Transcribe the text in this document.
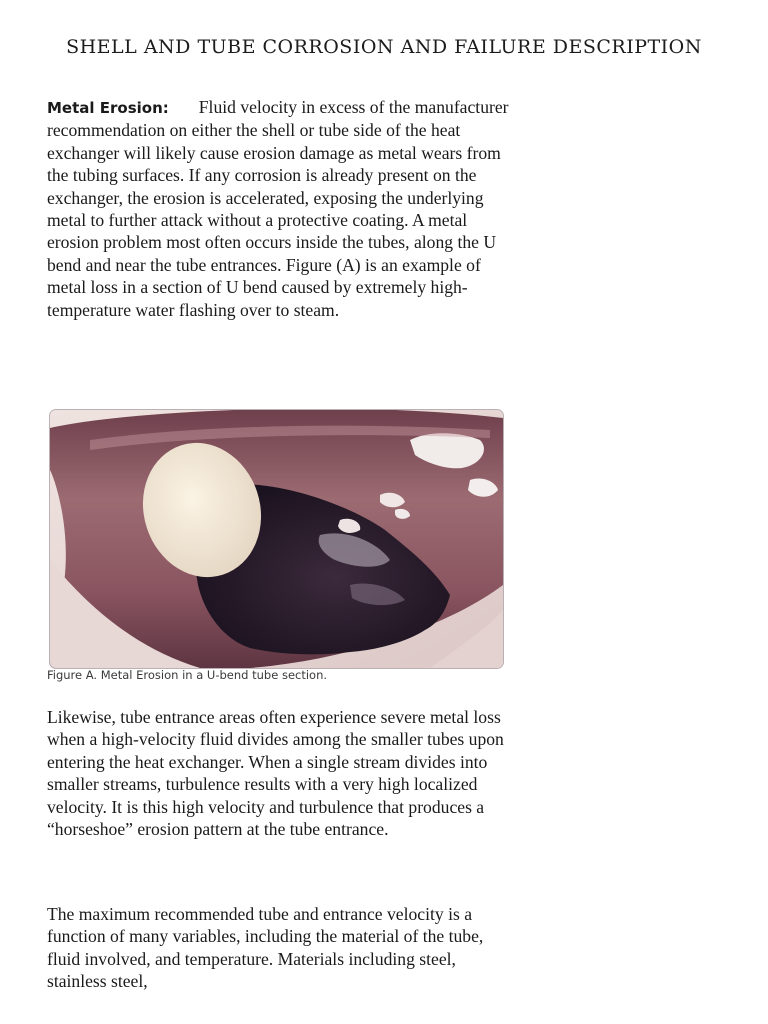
SHELL AND TUBE CORROSION AND FAILURE DESCRIPTION

Metal Erosion: Fluid velocity in excess of the manufacturer recommendation on either the shell or tube side of the heat exchanger will likely cause erosion damage as metal wears from the tubing surfaces. If any corrosion is already present on the exchanger, the erosion is accelerated, exposing the underlying metal to further attack without a protective coating. A metal erosion problem most often occurs inside the tubes, along the U bend and near the tube entrances. Figure (A) is an example of metal loss in a section of U bend caused by extremely high-temperature water flashing over to steam.

Figure A. Metal Erosion in a U-bend tube section.

Likewise, tube entrance areas often experience severe metal loss when a high-velocity fluid divides among the smaller tubes upon entering the heat exchanger. When a single stream divides into smaller streams, turbulence results with a very high localized velocity. It is this high velocity and turbulence that produces a “horseshoe” erosion pattern at the tube entrance.

The maximum recommended tube and entrance velocity is a function of many variables, including the material of the tube, fluid involved, and temperature. Materials including steel, stainless steel,
